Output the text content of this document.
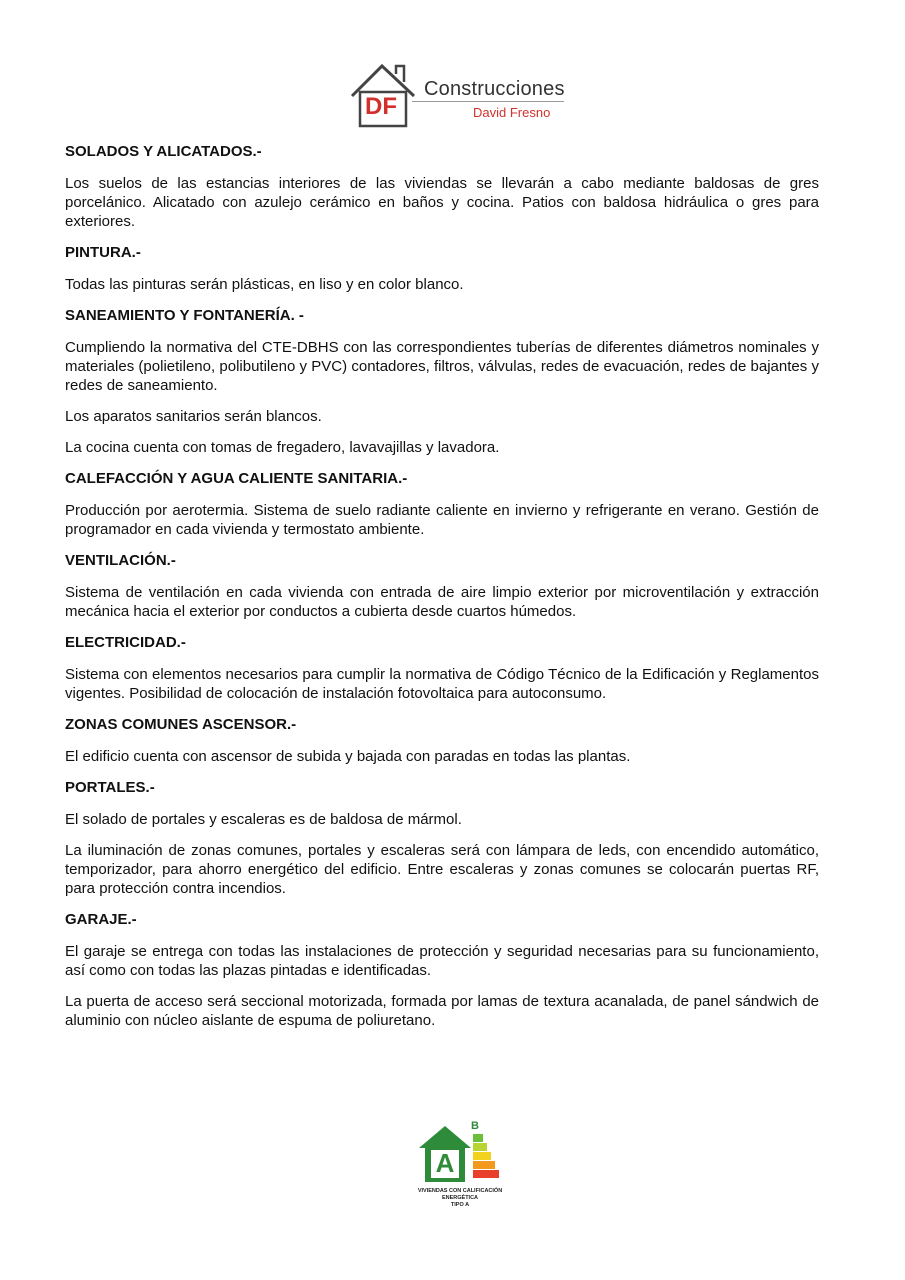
DF
Construcciones
David Fresno
SOLADOS Y ALICATADOS.-

Los suelos de las estancias interiores de las viviendas se llevarán a cabo mediante baldosas de gres porcelánico. Alicatado con azulejo cerámico en baños y cocina. Patios con baldosa hidráulica o gres para exteriores.

PINTURA.-

Todas las pinturas serán plásticas, en liso y en color blanco.

SANEAMIENTO Y FONTANERÍA. -

Cumpliendo la normativa del CTE-DBHS con las correspondientes tuberías de diferentes diámetros nominales y materiales (polietileno, polibutileno y PVC) contadores, filtros, válvulas, redes de evacuación, redes de bajantes y redes de saneamiento.

Los aparatos sanitarios serán blancos.

La cocina cuenta con tomas de fregadero, lavavajillas y lavadora.

CALEFACCIÓN Y AGUA CALIENTE SANITARIA.-

Producción por aerotermia. Sistema de suelo radiante caliente en invierno y refrigerante en verano. Gestión de programador en cada vivienda y termostato ambiente.

VENTILACIÓN.-

Sistema de ventilación en cada vivienda con entrada de aire limpio exterior por microventilación y extracción mecánica hacia el exterior por conductos a cubierta desde cuartos húmedos.

ELECTRICIDAD.-

Sistema con elementos necesarios para cumplir la normativa de Código Técnico de la Edificación y Reglamentos vigentes. Posibilidad de colocación de instalación fotovoltaica para autoconsumo.

ZONAS COMUNES ASCENSOR.-

El edificio cuenta con ascensor de subida y bajada con paradas en todas las plantas.

PORTALES.-

El solado de portales y escaleras es de baldosa de mármol.

La iluminación de zonas comunes, portales y escaleras será con lámpara de leds, con encendido automático, temporizador, para ahorro energético del edificio. Entre escaleras y zonas comunes se colocarán puertas RF, para protección contra incendios.

GARAJE.-

El garaje se entrega con todas las instalaciones de protección y seguridad necesarias para su funcionamiento, así como con todas las plazas pintadas e identificadas.

La puerta de acceso será seccional motorizada, formada por lamas de textura acanalada, de panel sándwich de aluminio con núcleo aislante de espuma de poliuretano.

A
B
VIVIENDAS CON CALIFICACIÓN
ENERGÉTICA
TIPO A
